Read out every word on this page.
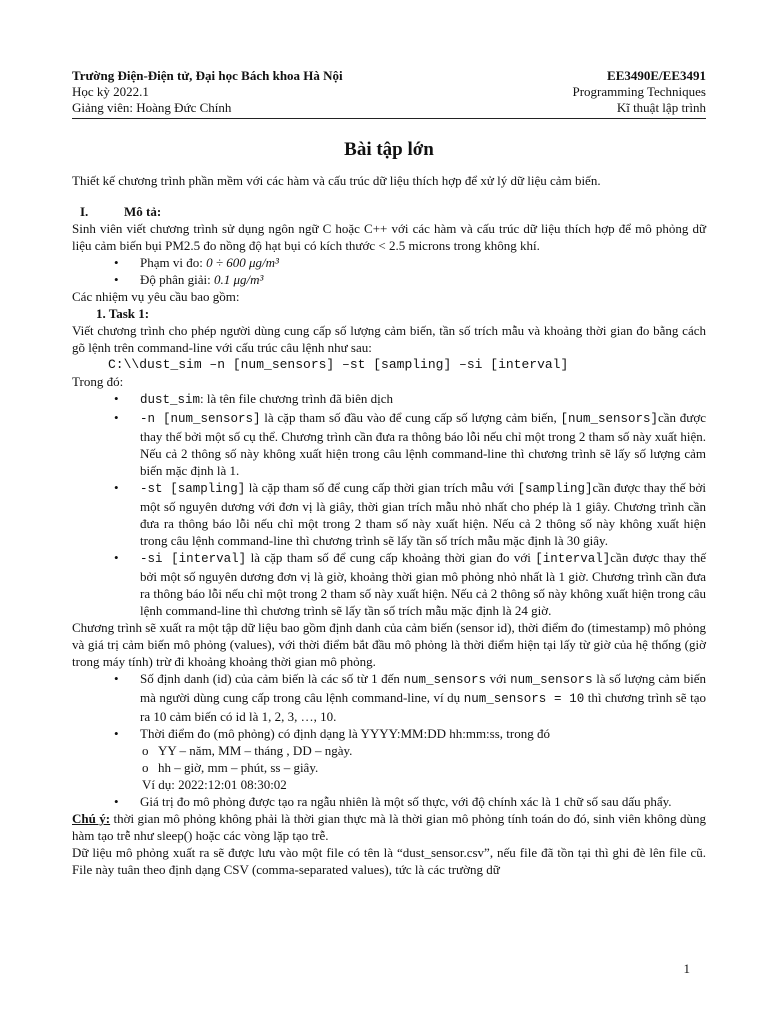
Trường Điện-Điện tử, Đại học Bách khoa Hà Nội
Học kỳ 2022.1
Giảng viên: Hoàng Đức Chính
EE3490E/EE3491
Programming Techniques
Kĩ thuật lập trình
Bài tập lớn

Thiết kế chương trình phần mềm với các hàm và cấu trúc dữ liệu thích hợp để xử lý dữ liệu cảm biến.

I.	Mô tả:

Sinh viên viết chương trình sử dụng ngôn ngữ C hoặc C++ với các hàm và cấu trúc dữ liệu thích hợp để mô phỏng dữ liệu cảm biến bụi PM2.5 đo nồng độ hạt bụi có kích thước < 2.5 microns trong không khí.

• Phạm vi đo: 0 ÷ 600 μg/m³
• Độ phân giải: 0.1 μg/m³

Các nhiệm vụ yêu cầu bao gồm:

1. Task 1:

Viết chương trình cho phép người dùng cung cấp số lượng cảm biến, tần số trích mẫu và khoảng thời gian đo bằng cách gõ lệnh trên command-line với cấu trúc câu lệnh như sau:

C:\\dust_sim –n [num_sensors] –st [sampling] –si [interval]

Trong đó:

• dust_sim: là tên file chương trình đã biên dịch
• -n [num_sensors] là cặp tham số đầu vào để cung cấp số lượng cảm biến, [num_sensors]cần được thay thế bởi một số cụ thể. Chương trình cần đưa ra thông báo lỗi nếu chỉ một trong 2 tham số này xuất hiện. Nếu cả 2 thông số này không xuất hiện trong câu lệnh command-line thì chương trình sẽ lấy số lượng cảm biến mặc định là 1.
• -st [sampling] là cặp tham số để cung cấp thời gian trích mẫu với [sampling]cần được thay thế bởi một số nguyên dương với đơn vị là giây, thời gian trích mẫu nhỏ nhất cho phép là 1 giây. Chương trình cần đưa ra thông báo lỗi nếu chỉ một trong 2 tham số này xuất hiện. Nếu cả 2 thông số này không xuất hiện trong câu lệnh command-line thì chương trình sẽ lấy tần số trích mẫu mặc định là 30 giây.
• -si [interval] là cặp tham số để cung cấp khoảng thời gian đo với [interval]cần được thay thế bởi một số nguyên dương đơn vị là giờ, khoảng thời gian mô phỏng nhỏ nhất là 1 giờ. Chương trình cần đưa ra thông báo lỗi nếu chỉ một trong 2 tham số này xuất hiện. Nếu cả 2 thông số này không xuất hiện trong câu lệnh command-line thì chương trình sẽ lấy tần số trích mẫu mặc định là 24 giờ.

Chương trình sẽ xuất ra một tập dữ liệu bao gồm định danh của cảm biến (sensor id), thời điểm đo (timestamp) mô phỏng và giá trị cảm biến mô phỏng (values), với thời điểm bắt đầu mô phỏng là thời điểm hiện tại lấy từ giờ của hệ thống (giờ trong máy tính) trừ đi khoảng khoảng thời gian mô phỏng.

• Số định danh (id) của cảm biến là các số từ 1 đến num_sensors với num_sensors là số lượng cảm biến mà người dùng cung cấp trong câu lệnh command-line, ví dụ num_sensors = 10 thì chương trình sẽ tạo ra 10 cảm biến có id là 1, 2, 3, …, 10.
• Thời điểm đo (mô phỏng) có định dạng là YYYY:MM:DD hh:mm:ss, trong đó
o YY – năm, MM – tháng , DD – ngày.
o hh – giờ, mm – phút, ss – giây.
Ví dụ: 2022:12:01 08:30:02
• Giá trị đo mô phỏng được tạo ra ngẫu nhiên là một số thực, với độ chính xác là 1 chữ số sau dấu phẩy.

Chú ý: thời gian mô phỏng không phải là thời gian thực mà là thời gian mô phỏng tính toán do đó, sinh viên không dùng hàm tạo trễ như sleep() hoặc các vòng lặp tạo trễ.

Dữ liệu mô phỏng xuất ra sẽ được lưu vào một file có tên là “dust_sensor.csv”, nếu file đã tồn tại thì ghi đè lên file cũ. File này tuân theo định dạng CSV (comma-separated values), tức là các trường dữ

1
